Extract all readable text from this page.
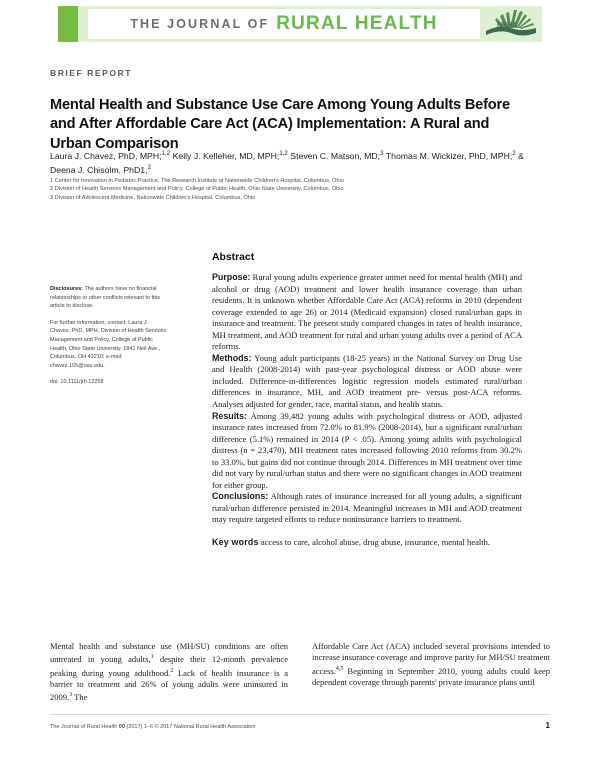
THE JOURNAL OF RURAL HEALTH	NRHA
BRIEF REPORT
Mental Health and Substance Use Care Among Young Adults Before and After Affordable Care Act (ACA) Implementation: A Rural and Urban Comparison
Laura J. Chavez, PhD, MPH;$^{1,2}$ Kelly J. Kelleher, MD, MPH;$^{1,2}$ Steven C. Matson, MD;$^3$ Thomas M. Wickizer, PhD, MPH;$^2$ & Deena J. Chisolm, PhD1,$^2$
1 Center for Innovation in Pediatric Practice, The Research Institute at Nationwide Children's Hospital, Columbus, Ohio
2 Division of Health Services Management and Policy, College of Public Health, Ohio State University, Columbus, Ohio
3 Division of Adolescent Medicine, Nationwide Children's Hospital, Columbus, Ohio

Disclosures: The authors have no financial relationships or other conflicts relevant to this article to disclose.

For further information, contact: Laura J. Chavez, PhD, MPH, Division of Health Services Management and Policy, College of Public Health, Ohio State University, 1841 Neil Ave., Columbus, OH 43210; e-mail: chavez.105@osu.edu.

doi: 10.1111/jrh.12258

Abstract

Purpose: Rural young adults experience greater unmet need for mental health (MH) and alcohol or drug (AOD) treatment and lower health insurance coverage than urban residents. It is unknown whether Affordable Care Act (ACA) reforms in 2010 (dependent coverage extended to age 26) or 2014 (Medicaid expansion) closed rural/urban gaps in insurance and treatment. The present study compared changes in rates of health insurance, MH treatment, and AOD treatment for rural and urban young adults over a period of ACA reforms.

Methods: Young adult participants (18-25 years) in the National Survey on Drug Use and Health (2008-2014) with past-year psychological distress or AOD abuse were included. Difference-in-differences logistic regression models estimated rural/urban differences in insurance, MH, and AOD treatment pre- versus post-ACA reforms. Analyses adjusted for gender, race, marital status, and health status.

Results: Among 39,482 young adults with psychological distress or AOD, adjusted insurance rates increased from 72.0% to 81.9% (2008-2014), but a significant rural/urban difference (5.1%) remained in 2014 (P < .05). Among young adults with psychological distress (n = 23,470), MH treatment rates increased following 2010 reforms from 30.2% to 33.0%, but gains did not continue through 2014. Differences in MH treatment over time did not vary by rural/urban status and there were no significant changes in AOD treatment for either group.

Conclusions: Although rates of insurance increased for all young adults, a significant rural/urban difference persisted in 2014. Meaningful increases in MH and AOD treatment may require targeted efforts to reduce noninsurance barriers to treatment.

Key words access to care, alcohol abuse, drug abuse, insurance, mental health.

Mental health and substance use (MH/SU) conditions are often untreated in young adults,$^1$ despite their 12-month prevalence peaking during young adulthood.$^2$ Lack of health insurance is a barrier to treatment and 26% of young adults were uninsured in 2009.$^3$ The

Affordable Care Act (ACA) included several provisions intended to increase insurance coverage and improve parity for MH/SU treatment access.$^{4,5}$ Beginning in September 2010, young adults could keep dependent coverage through parents' private insurance plans until

The Journal of Rural Health 00 (2017) 1–6 © 2017 National Rural Health Association	1
